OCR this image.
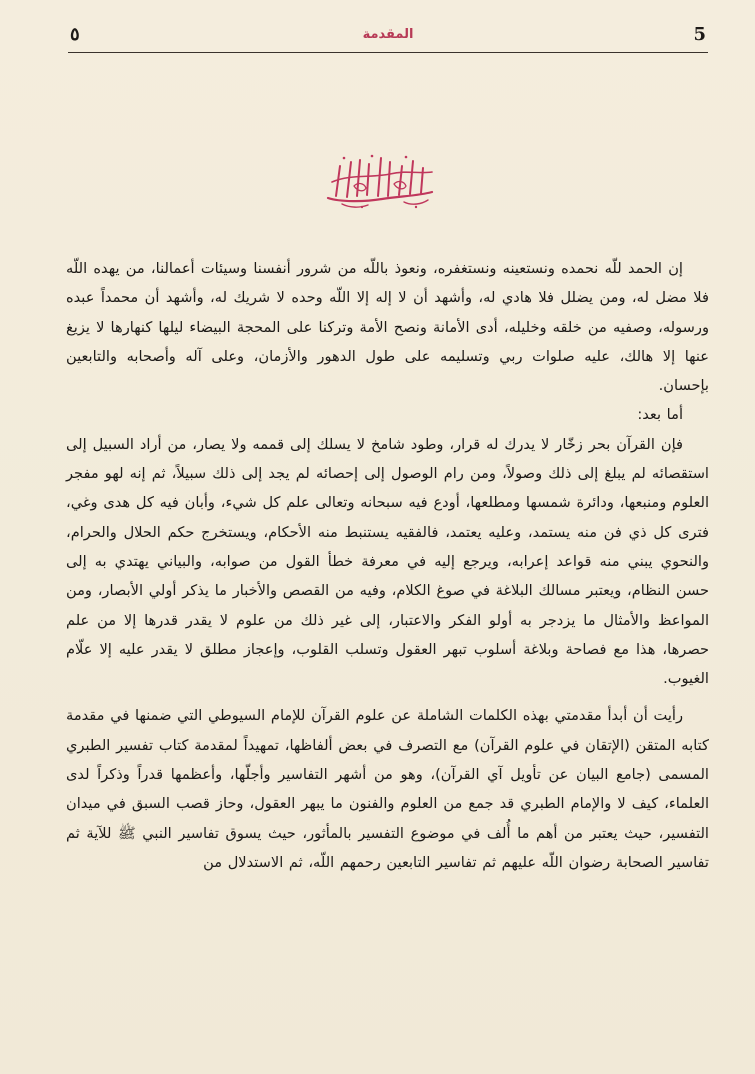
5
المقدمة
٥

إن الحمد للّه نحمده ونستعينه ونستغفره، ونعوذ باللّه من شرور أنفسنا وسيئات أعمالنا، من يهده اللّه فلا مضل له، ومن يضلل فلا هادي له، وأشهد أن لا إله إلا اللّه وحده لا شريك له، وأشهد أن محمداً عبده ورسوله، وصفيه من خلقه وخليله، أدى الأمانة ونصح الأمة وتركنا على المحجة البيضاء ليلها كنهارها لا يزيغ عنها إلا هالك، عليه صلوات ربي وتسليمه على طول الدهور والأزمان، وعلى آله وأصحابه والتابعين بإحسان.

أما بعد:

فإن القرآن بحر زخّار لا يدرك له قرار، وطود شامخ لا يسلك إلى قممه ولا يصار، من أراد السبيل إلى استقصائه لم يبلغ إلى ذلك وصولاً، ومن رام الوصول إلى إحصائه لم يجد إلى ذلك سبيلاً، ثم إنه لهو مفجر العلوم ومنبعها، ودائرة شمسها ومطلعها، أودع فيه سبحانه وتعالى علم كل شيء، وأبان فيه كل هدى وغي، فترى كل ذي فن منه يستمد، وعليه يعتمد، فالفقيه يستنبط منه الأحكام، ويستخرج حكم الحلال والحرام، والنحوي يبني منه قواعد إعرابه، ويرجع إليه في معرفة خطأ القول من صوابه، والبياني يهتدي به إلى حسن النظام، ويعتبر مسالك البلاغة في صوغ الكلام، وفيه من القصص والأخبار ما يذكر أولي الأبصار، ومن المواعظ والأمثال ما يزدجر به أولو الفكر والاعتبار، إلى غير ذلك من علوم لا يقدر قدرها إلا من علم حصرها، هذا مع فصاحة وبلاغة أسلوب تبهر العقول وتسلب القلوب، وإعجاز مطلق لا يقدر عليه إلا علّام الغيوب.

رأيت أن أبدأ مقدمتي بهذه الكلمات الشاملة عن علوم القرآن للإمام السيوطي التي ضمنها في مقدمة كتابه المتقن (الإتقان في علوم القرآن) مع التصرف في بعض ألفاظها، تمهيداً لمقدمة كتاب تفسير الطبري المسمى (جامع البيان عن تأويل آي القرآن)، وهو من أشهر التفاسير وأجلّها، وأعظمها قدراً وذكراً لدى العلماء، كيف لا والإمام الطبري قد جمع من العلوم والفنون ما يبهر العقول، وحاز قصب السبق في ميدان التفسير، حيث يعتبر من أهم ما أُلف في موضوع التفسير بالمأثور، حيث يسوق تفاسير النبي ﷺ للآية ثم تفاسير الصحابة رضوان اللّه عليهم ثم تفاسير التابعين رحمهم اللّه، ثم الاستدلال من
